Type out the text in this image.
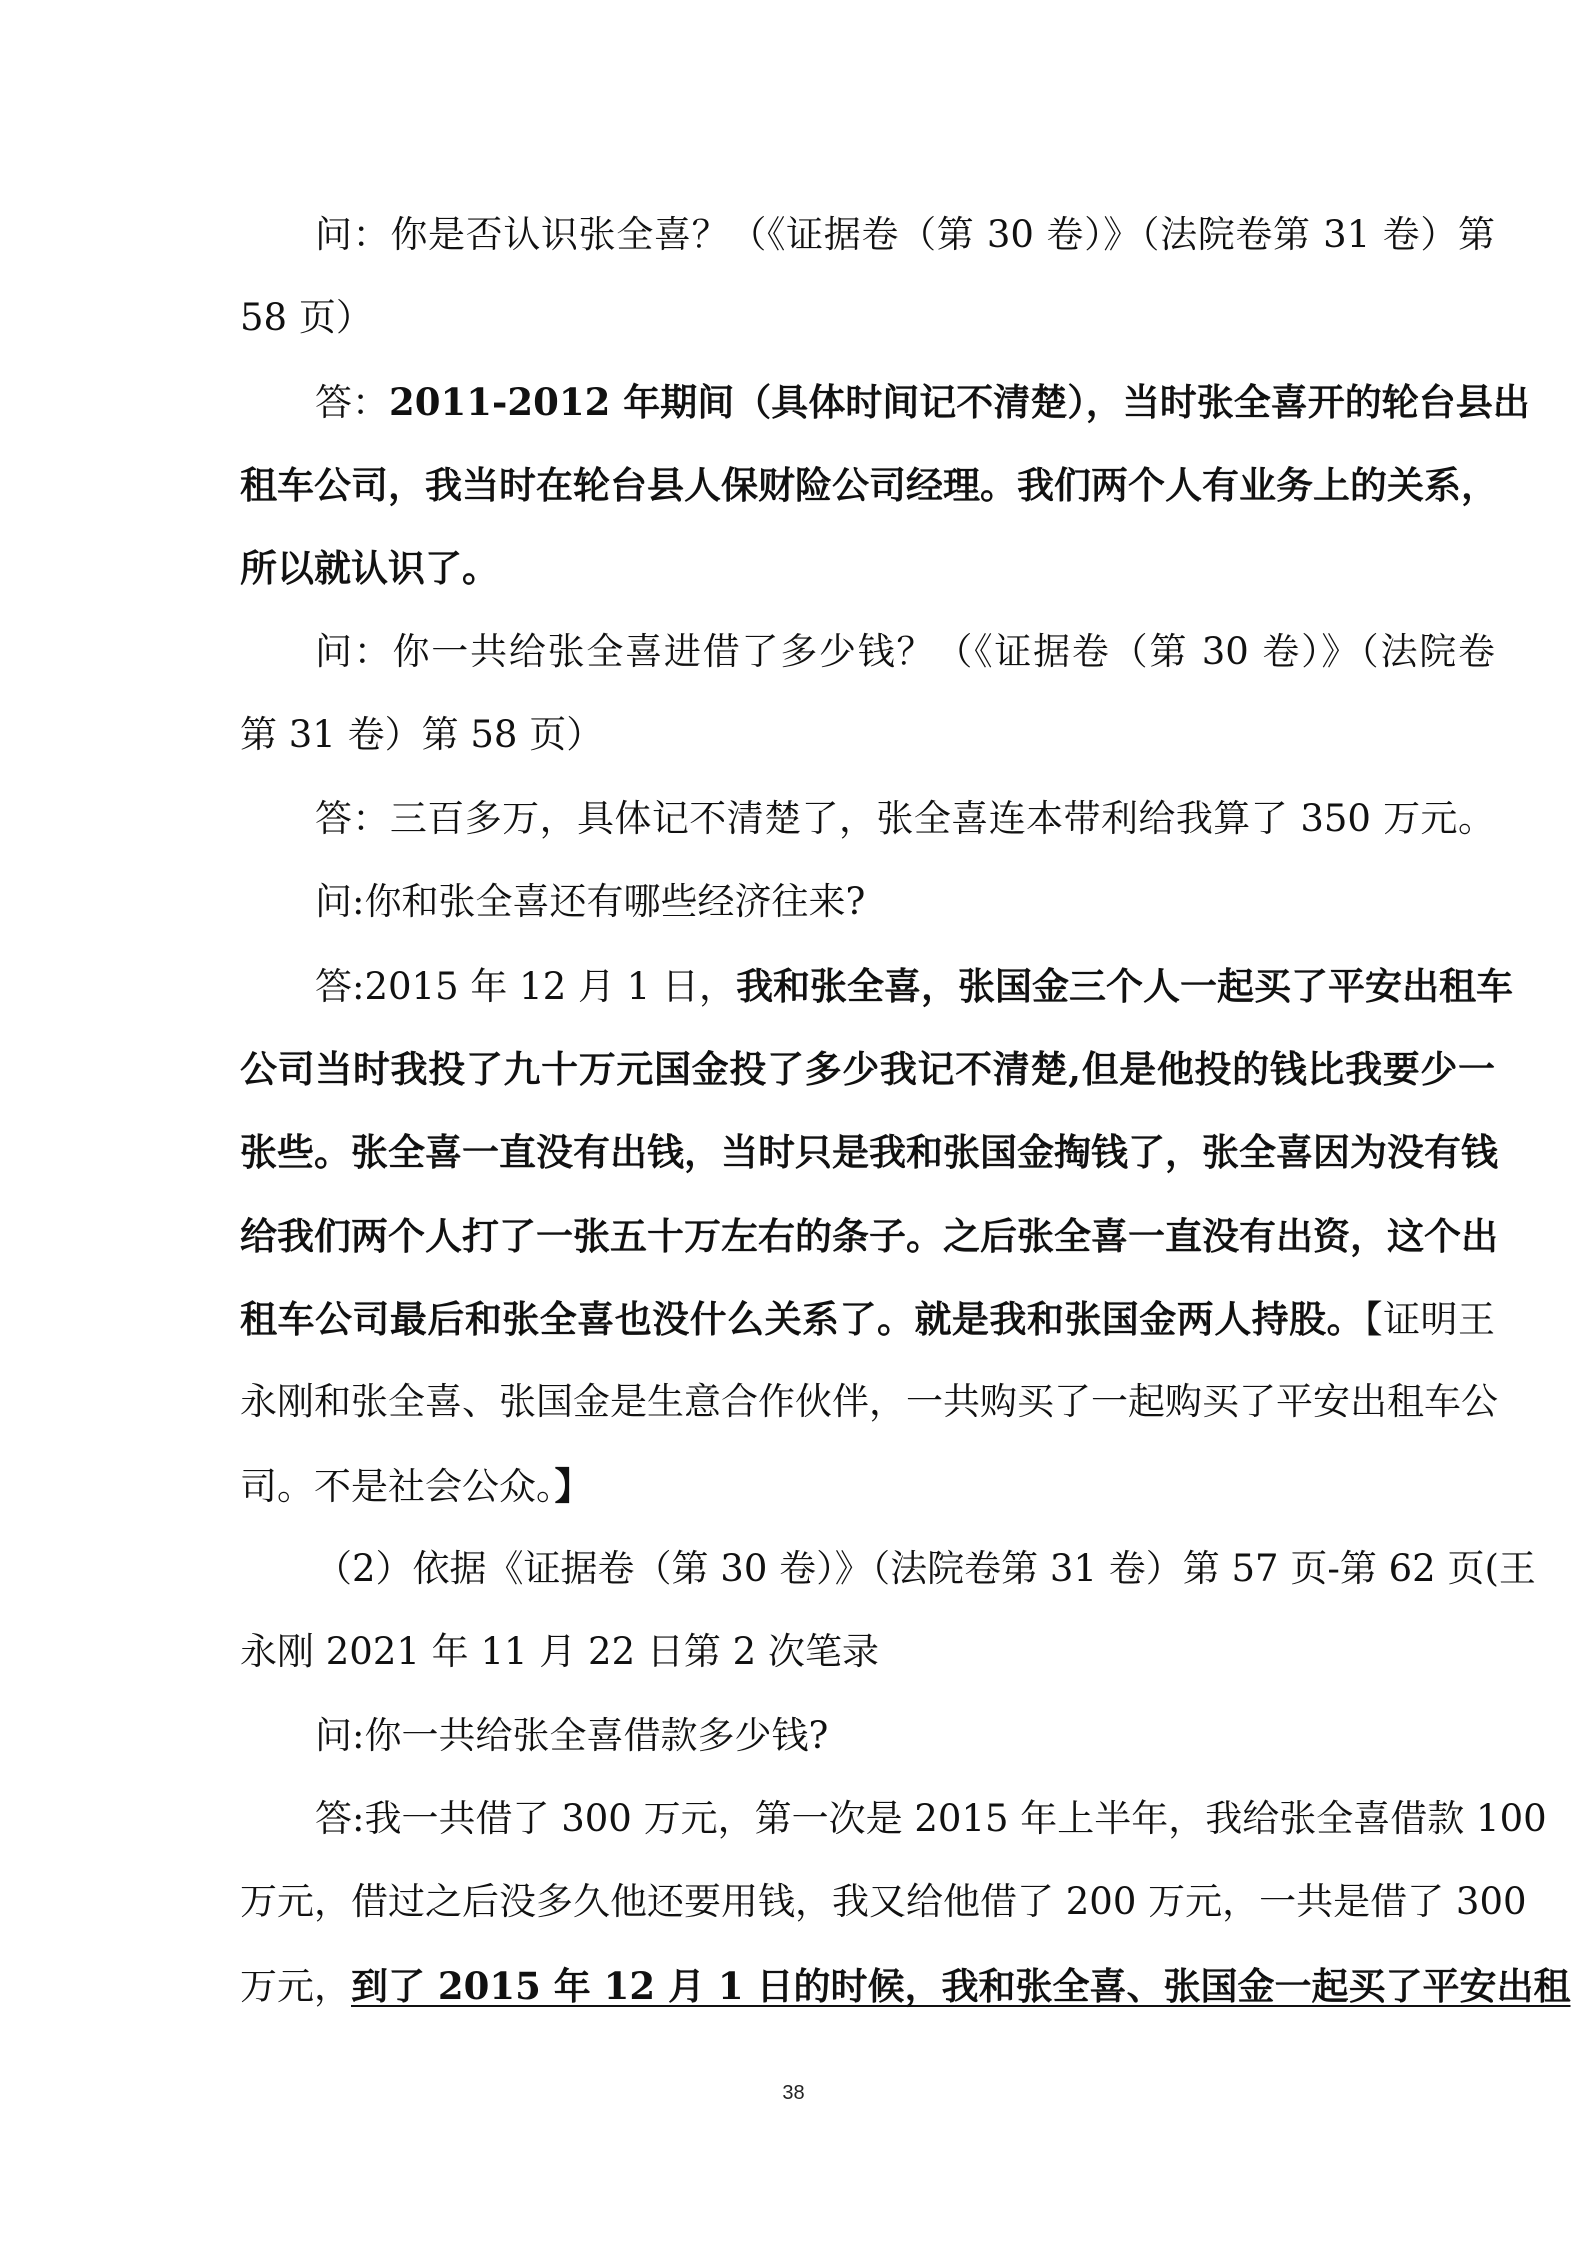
问：你是否认识张全喜？（《证据卷（第 30 卷）》（法院卷第 31 卷）第
58 页）
答：2011-2012 年期间（具体时间记不清楚），当时张全喜开的轮台县出
租车公司，我当时在轮台县人保财险公司经理。我们两个人有业务上的关系，
所以就认识了。
问：你一共给张全喜进借了多少钱？（《证据卷（第 30 卷）》（法院卷
第 31 卷）第 58 页）
答：三百多万，具体记不清楚了，张全喜连本带利给我算了 350 万元。
问:你和张全喜还有哪些经济往来?
答:2015 年 12 月 1 日，我和张全喜，张国金三个人一起买了平安出租车
公司当时我投了九十万元国金投了多少我记不清楚,但是他投的钱比我要少一
张些。张全喜一直没有出钱，当时只是我和张国金掏钱了，张全喜因为没有钱
给我们两个人打了一张五十万左右的条子。之后张全喜一直没有出资，这个出
租车公司最后和张全喜也没什么关系了。就是我和张国金两人持股。【证明王
永刚和张全喜、张国金是生意合作伙伴，一共购买了一起购买了平安出租车公
司。不是社会公众。】
（2）依据《证据卷（第 30 卷）》（法院卷第 31 卷）第 57 页-第 62 页(王
永刚 2021 年 11 月 22 日第 2 次笔录
问:你一共给张全喜借款多少钱?
答:我一共借了 300 万元，第一次是 2015 年上半年，我给张全喜借款 100
万元，借过之后没多久他还要用钱，我又给他借了 200 万元，一共是借了 300
万元，到了 2015 年 12 月 1 日的时候，我和张全喜、张国金一起买了平安出租
38
